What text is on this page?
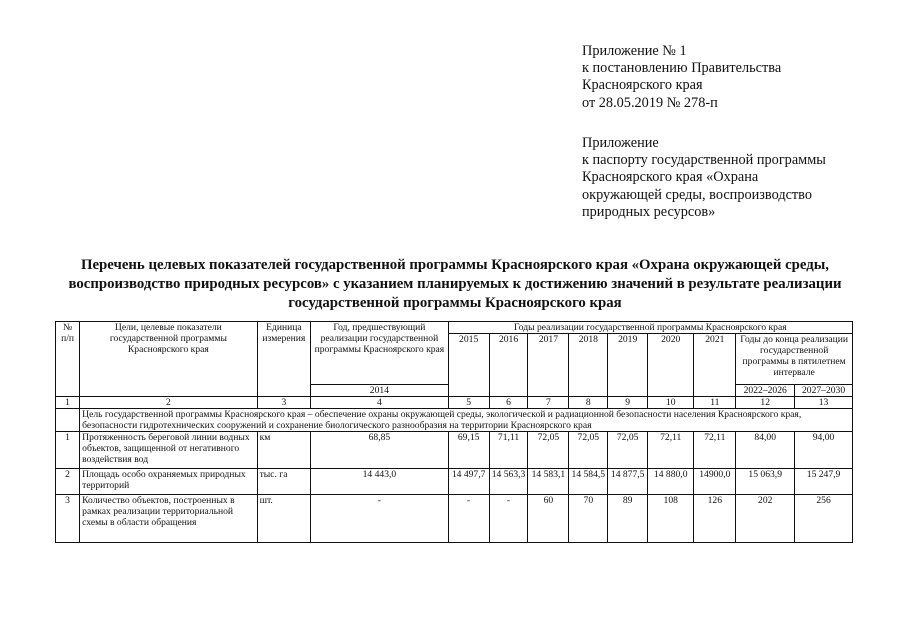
Приложение № 1
к постановлению Правительства
Красноярского края
от 28.05.2019 № 278-п
Приложение
к паспорту государственной программы
Красноярского края «Охрана
окружающей среды, воспроизводство
природных ресурсов»
Перечень целевых показателей государственной программы Красноярского края «Охрана окружающей среды,
воспроизводство природных ресурсов» с указанием планируемых к достижению значений в результате реализации
государственной программы Красноярского края
№ п/п	Цели, целевые показатели государственной программы Красноярского края	Единица измерения	Год, предшествующий реализации государственной программы Красноярского края	Годы реализации государственной программы Красноярского края								
				2015	2016	2017	2018	2019	2020	2021	Годы до конца реализации государственной программы в пятилетнем интервале	
			2014								2022–2026	2027–2030
1	2	3	4	5	6	7	8	9	10	11	12	13
	Цель государственной программы Красноярского края – обеспечение охраны окружающей среды, экологической и радиационной безопасности населения Красноярского края, безопасности гидротехнических сооружений и сохранение биологического разнообразия на территории Красноярского края											
1	Протяженность береговой линии водных объектов, защищенной от негативного воздействия вод	км	68,85	69,15	71,11	72,05	72,05	72,05	72,11	72,11	84,00	94,00
2	Площадь особо охраняемых природных территорий	тыс. га	14 443,0	14 497,7	14 563,3	14 583,1	14 584,5	14 877,5	14 880,0	14900,0	15 063,9	15 247,9
3	Количество объектов, построенных в рамках реализации территориальной схемы в области обращения	шт.	-	-	-	60	70	89	108	126	202	256
